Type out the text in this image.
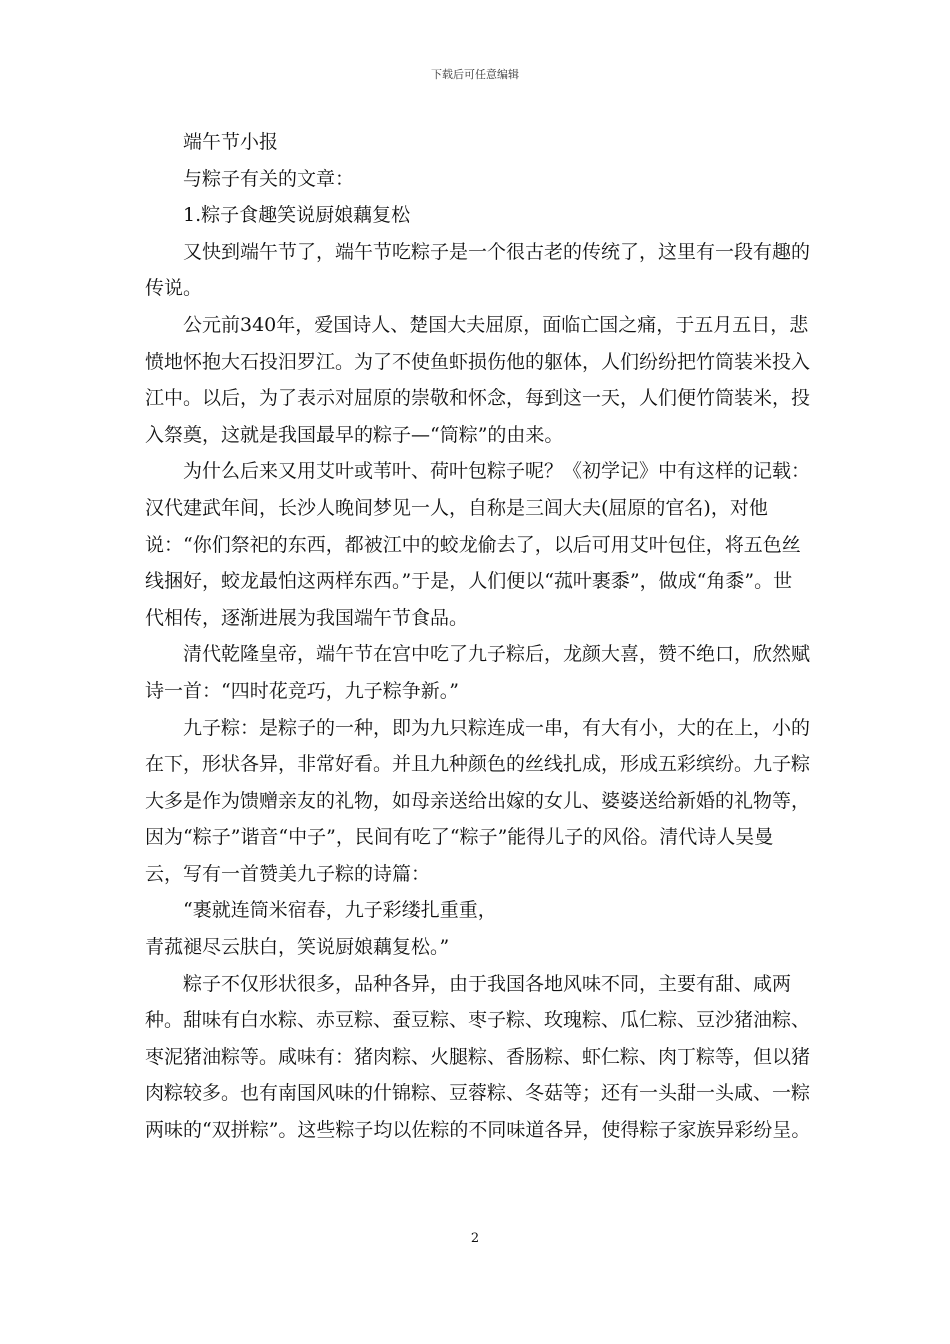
下载后可任意编辑

端午节小报

与粽子有关的文章：

1.粽子食趣笑说厨娘藕复松

又快到端午节了，端午节吃粽子是一个很古老的传统了，这里有一段有趣的传说。

公元前340年，爱国诗人、楚国大夫屈原，面临亡国之痛，于五月五日，悲愤地怀抱大石投汨罗江。为了不使鱼虾损伤他的躯体，人们纷纷把竹筒装米投入江中。以后，为了表示对屈原的崇敬和怀念，每到这一天，人们便竹筒装米，投入祭奠，这就是我国最早的粽子—“筒粽”的由来。

为什么后来又用艾叶或苇叶、荷叶包粽子呢？《初学记》中有这样的记载：汉代建武年间，长沙人晚间梦见一人，自称是三闾大夫(屈原的官名)，对他说：“你们祭祀的东西，都被江中的蛟龙偷去了，以后可用艾叶包住，将五色丝线捆好，蛟龙最怕这两样东西。”于是，人们便以“菰叶裹黍”，做成“角黍”。世代相传，逐渐进展为我国端午节食品。

清代乾隆皇帝，端午节在宫中吃了九子粽后，龙颜大喜，赞不绝口，欣然赋诗一首：“四时花竞巧，九子粽争新。”

九子粽：是粽子的一种，即为九只粽连成一串，有大有小，大的在上，小的在下，形状各异，非常好看。并且九种颜色的丝线扎成，形成五彩缤纷。九子粽大多是作为馈赠亲友的礼物，如母亲送给出嫁的女儿、婆婆送给新婚的礼物等，因为“粽子”谐音“中子”，民间有吃了“粽子”能得儿子的风俗。清代诗人吴曼云，写有一首赞美九子粽的诗篇：

“裹就连筒米宿春，九子彩缕扎重重，

青菰褪尽云肤白，笑说厨娘藕复松。”

粽子不仅形状很多，品种各异，由于我国各地风味不同，主要有甜、咸两种。甜味有白水粽、赤豆粽、蚕豆粽、枣子粽、玫瑰粽、瓜仁粽、豆沙猪油粽、枣泥猪油粽等。咸味有：猪肉粽、火腿粽、香肠粽、虾仁粽、肉丁粽等，但以猪肉粽较多。也有南国风味的什锦粽、豆蓉粽、冬菇等；还有一头甜一头咸、一粽两味的“双拼粽”。这些粽子均以佐粽的不同味道各异，使得粽子家族异彩纷呈。

2
